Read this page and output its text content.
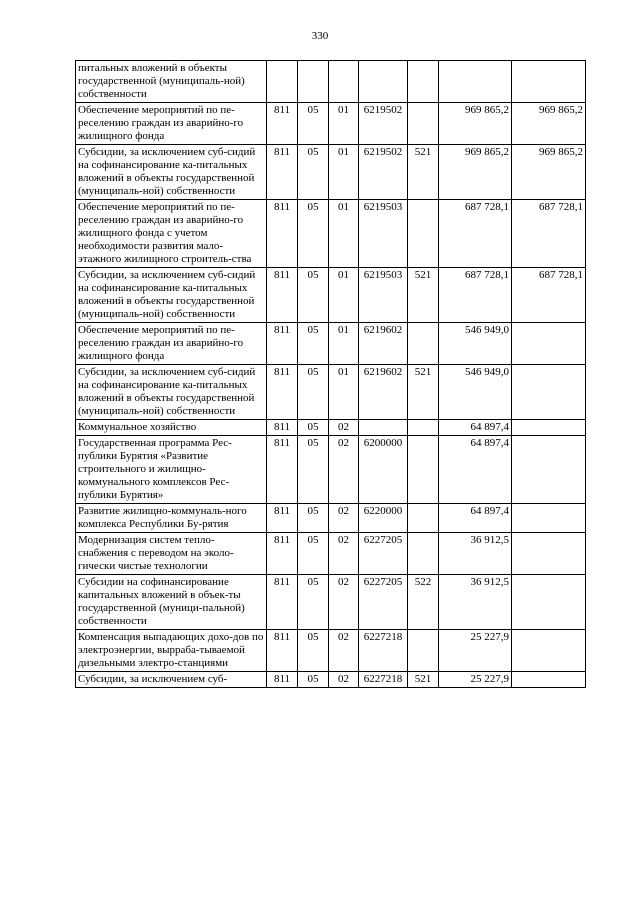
330
питальных вложений в объекты государственной (муниципаль-ной) собственности							
Обеспечение мероприятий по пе-реселению граждан из аварийно-го жилищного фонда	811	05	01	6219502		969 865,2	969 865,2
Субсидии, за исключением суб-сидий на софинансирование ка-питальных вложений в объекты государственной (муниципаль-ной) собственности	811	05	01	6219502	521	969 865,2	969 865,2
Обеспечение мероприятий по пе-реселению граждан из аварийно-го жилищного фонда с учетом необходимости развития мало-этажного жилищного строитель-ства	811	05	01	6219503		687 728,1	687 728,1
Субсидии, за исключением суб-сидий на софинансирование ка-питальных вложений в объекты государственной (муниципаль-ной) собственности	811	05	01	6219503	521	687 728,1	687 728,1
Обеспечение мероприятий по пе-реселению граждан из аварийно-го жилищного фонда	811	05	01	6219602		546 949,0	
Субсидии, за исключением суб-сидий на софинансирование ка-питальных вложений в объекты государственной (муниципаль-ной) собственности	811	05	01	6219602	521	546 949,0	
Коммунальное хозяйство	811	05	02			64 897,4	
Государственная программа Рес-публики Бурятия «Развитие строительного и жилищно-коммунального комплексов Рес-публики Бурятия»	811	05	02	6200000		64 897,4	
Развитие жилищно-коммуналь-ного комплекса Республики Бу-рятия	811	05	02	6220000		64 897,4	
Модернизация систем тепло-снабжения с переводом на эколо-гически чистые технологии	811	05	02	6227205		36 912,5	
Субсидии на софинансирование капитальных вложений в объек-ты государственной (муници-пальной) собственности	811	05	02	6227205	522	36 912,5	
Компенсация выпадающих дохо-дов по электроэнергии, вырраба-тываемой дизельными электро-станциями	811	05	02	6227218		25 227,9	
Субсидии, за исключением суб-	811	05	02	6227218	521	25 227,9	
